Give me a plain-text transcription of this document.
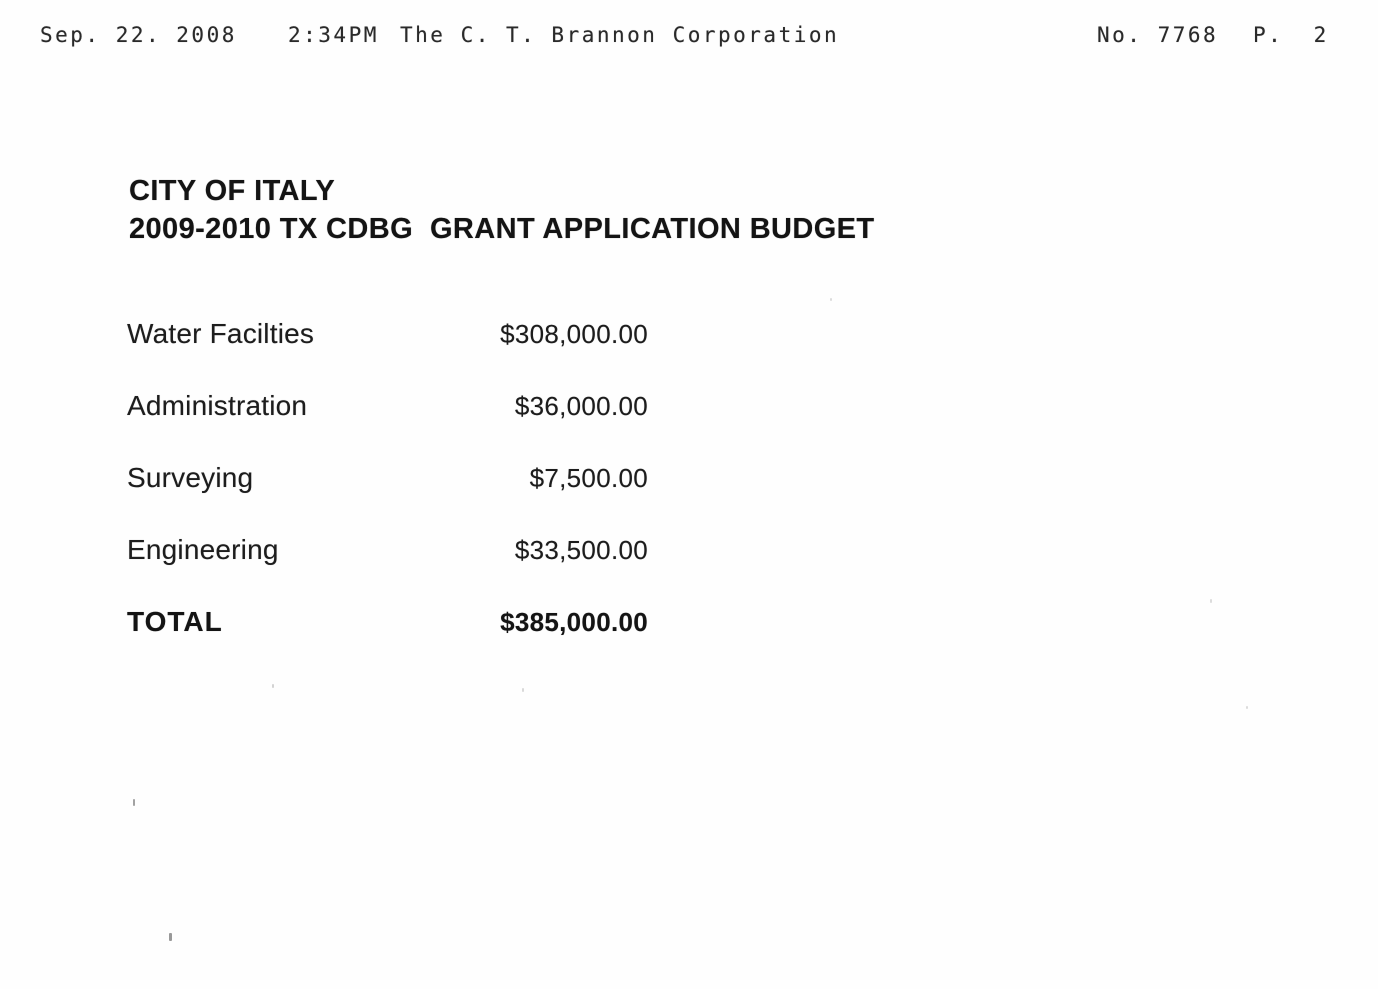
Sep. 22. 2008 2:34PM The C. T. Brannon Corporation	No. 7768 P.  2
CITY OF ITALY
2009-2010 TX CDBG  GRANT APPLICATION BUDGET
Water Facilties	$308,000.00
Administration	$36,000.00
Surveying	$7,500.00
Engineering	$33,500.00
TOTAL	$385,000.00
